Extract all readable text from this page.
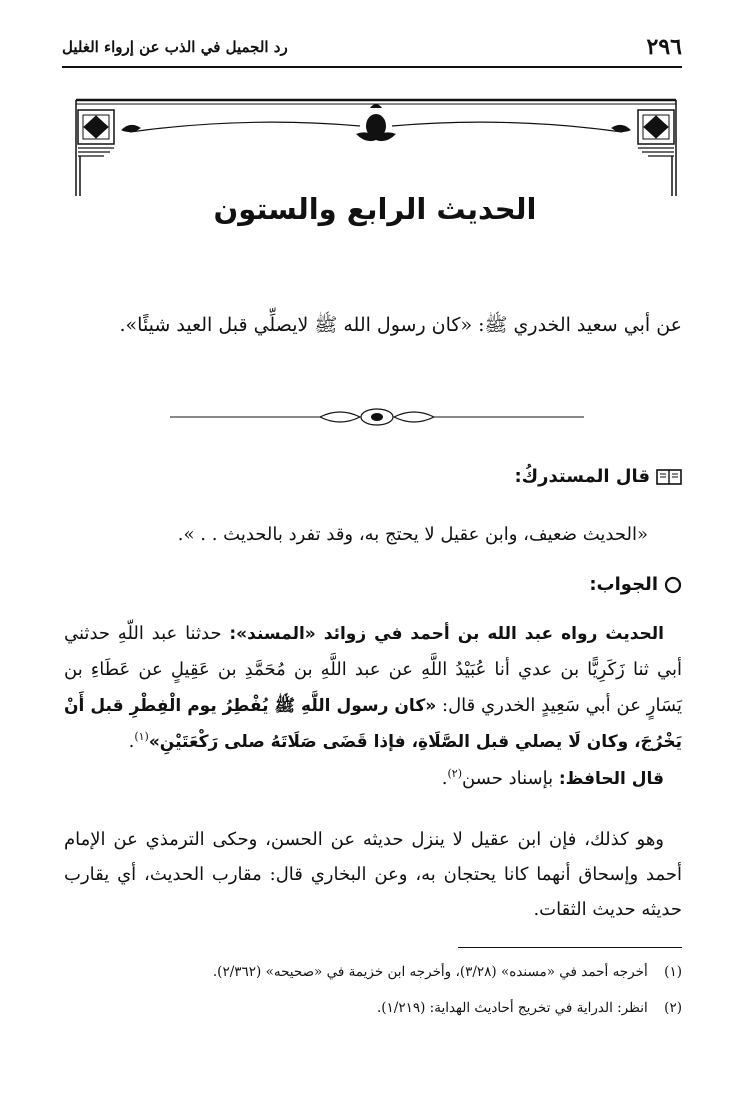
٢٩٦
رد الجميل في الذب عن إرواء الغليل
الحديث الرابع والستون
عن أبي سعيد الخدري ﷺ: «كان رسول الله ﷺ لايصلِّي قبل العيد شيئًا».
قال المستدركُ:
«الحديث ضعيف، وابن عقيل لا يحتج به، وقد تفرد بالحديث . . ».
الجواب:

 الحديث رواه عبد الله بن أحمد في زوائد «المسند»: حدثنا عبد اللّهِ حدثني أبي ثنا زَكَرِيًّا بن عدي أنا عُبَيْدُ اللَّهِ عن عبد اللَّهِ بن مُحَمَّدِ بن عَقِيلٍ عن عَطَاءِ بن يَسَارٍ عن أبي سَعِيدٍ الخدري قال: «كان رسول اللَّهِ ﷺ يُفْطِرُ يوم الْفِطْرِ قبل أَنْ يَخْرُجَ، وكان لَا يصلي قبل الصَّلَاةِ، فإذا قَضَى صَلَاتَهُ صلى رَكْعَتَيْنِ»$^{(١)}$.

 قال الحافظ: بإسناد حسن$^{(٢)}$.

 وهو كذلك، فإن ابن عقيل لا ينزل حديثه عن الحسن، وحكى الترمذي عن الإمام أحمد وإسحاق أنهما كانا يحتجان به، وعن البخاري قال: مقارب الحديث، أي يقارب حديثه حديث الثقات.

(١) أخرجه أحمد في «مسنده» (٣/٢٨)، وأخرجه ابن خزيمة في «صحيحه» (٢/٣٦٢).
(٢) انظر: الدراية في تخريج أحاديث الهداية: (١/٢١٩).
